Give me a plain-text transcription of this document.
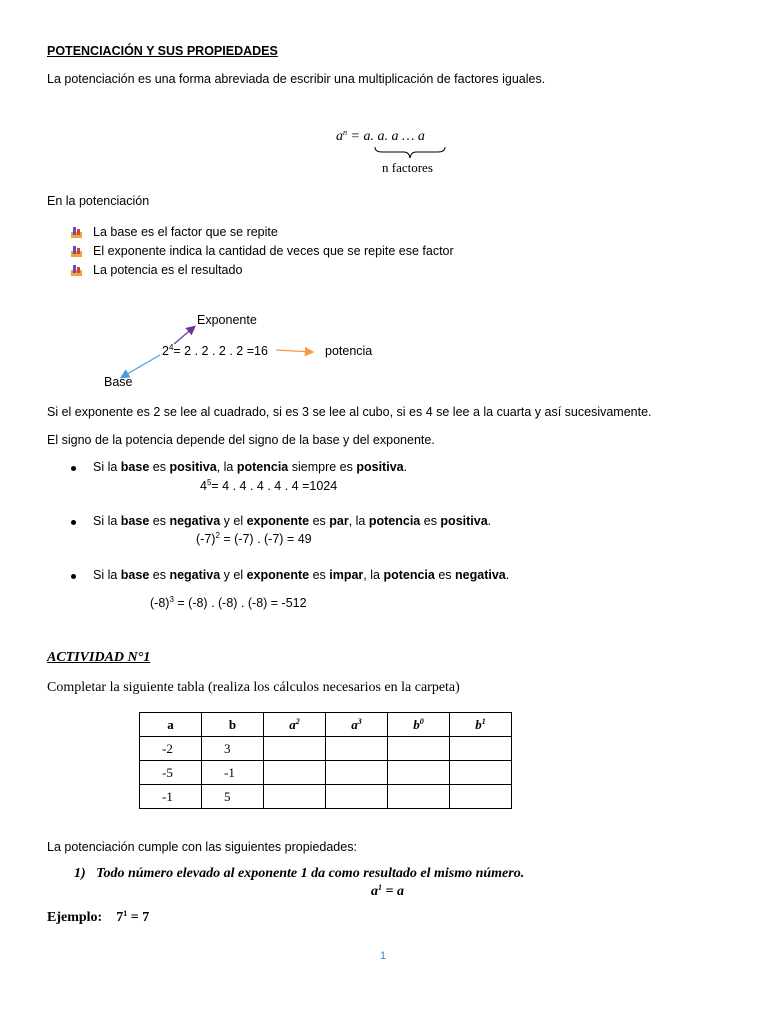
POTENCIACIÓN Y SUS PROPIEDADES
La potenciación es una forma abreviada de escribir una multiplicación de factores iguales.
$a^n = a$. a. a … a
n factores
En la potenciación
La base es el factor que se repite
El exponente indica la cantidad de veces que se repite ese factor
La potencia es el resultado
Exponente
$2^4= 2$ . 2 . 2 . 2 =16	potencia
Base
Si el exponente es 2 se lee al cuadrado, si es 3 se lee al cubo, si es 4 se lee a la cuarta y así sucesivamente.
El signo de la potencia depende del signo de la base y del exponente.
Si la base es positiva, la potencia siempre es positiva.
$4^5= 4$ . 4 . 4 . 4 . 4 =1024
Si la base es negativa y el exponente es par, la potencia es positiva.
$(-7)^2 = (-7)$ . (-7) = 49
Si la base es negativa y el exponente es impar, la potencia es negativa.
$(-8)^3 = (-8)$ . (-8) . (-8) = -512
ACTIVIDAD N°1
Completar la siguiente tabla (realiza los cálculos necesarios en la carpeta)
a	b	$a^2$	$a^3$	$b^0$	$b^1$
-2	3				
-5	-1				
-1	5				
La potenciación cumple con las siguientes propiedades:
1) Todo número elevado al exponente 1 da como resultado el mismo número.
$a^1 = a$
Ejemplo: $7^1 = 7$
1
